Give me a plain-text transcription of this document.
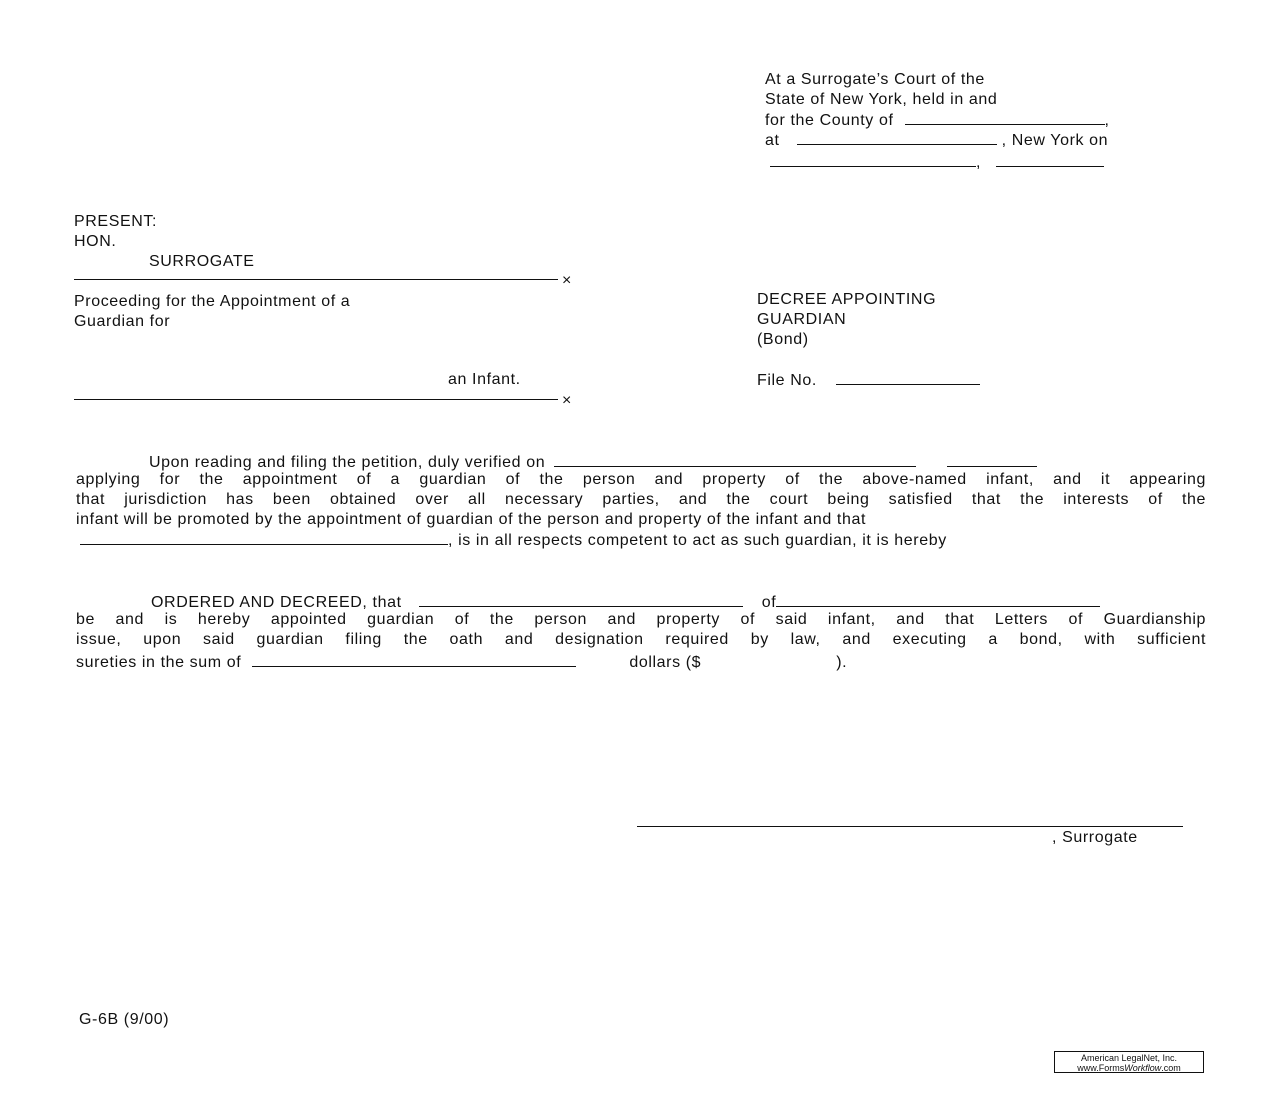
At a Surrogate’s Court of the
State of New York, held in and
for the County of	,
at	, New York on
,
PRESENT:
HON.
SURROGATE
×
Proceeding for the Appointment of a
Guardian for
an Infant.
×
DECREE APPOINTING
GUARDIAN
(Bond)
File No.
Upon reading and filing the petition, duly verified on
applying for the appointment of a guardian of the person and property of the above-named infant, and it appearing
that jurisdiction has been obtained over all necessary parties, and the court being satisfied that the interests of the
infant will be promoted by the appointment of guardian of the person and property of the infant and that
, is in all respects competent to act as such guardian, it is hereby
ORDERED AND DECREED, that	of
be and is hereby appointed guardian of the person and property of said infant, and that Letters of Guardianship
issue, upon said guardian filing the oath and designation required by law, and executing a bond, with sufficient
sureties in the sum of	dollars ($	).
, Surrogate
G-6B (9/00)
American LegalNet, Inc.
www.FormsWorkflow.com
